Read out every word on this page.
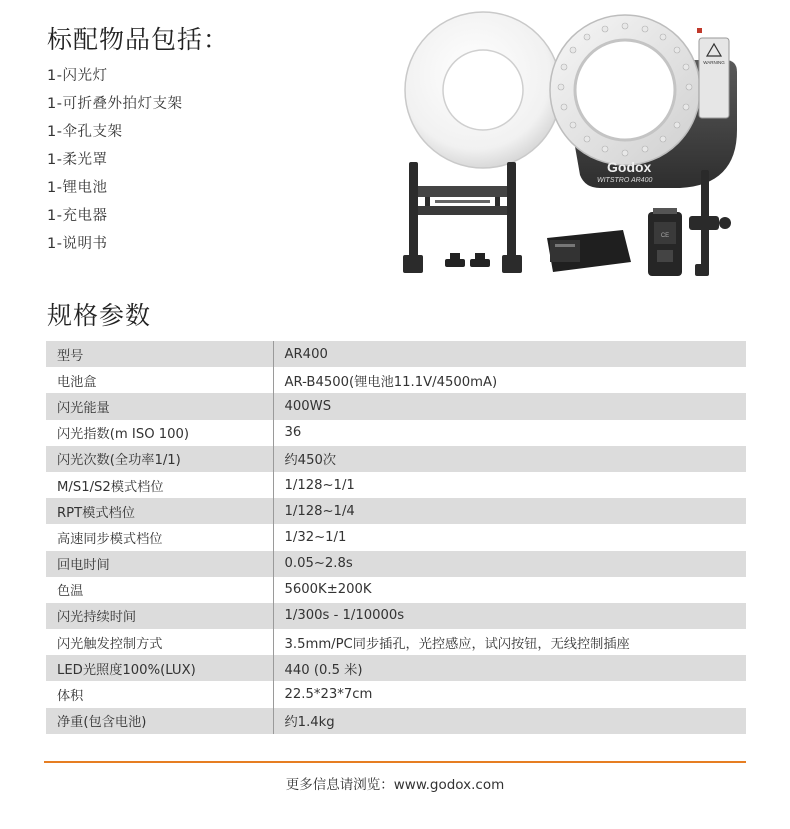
标配物品包括：
1-闪光灯
1-可折叠外拍灯支架
1-伞孔支架
1-柔光罩
1-锂电池
1-充电器
1-说明书
WARNING
Godox
WITSTRO AR400
CE
规格参数
型号	AR400
电池盒	AR-B4500(锂电池11.1V/4500mA)
闪光能量	400WS
闪光指数(m ISO 100)	36
闪光次数(全功率1/1)	约450次
M/S1/S2模式档位	1/128~1/1
RPT模式档位	1/128~1/4
高速同步模式档位	1/32~1/1
回电时间	0.05~2.8s
色温	5600K±200K
闪光持续时间	1/300s - 1/10000s
闪光触发控制方式	3.5mm/PC同步插孔，光控感应，试闪按钮，无线控制插座
LED光照度100%(LUX)	440 (0.5 米)
体积	22.5*23*7cm
净重(包含电池)	约1.4kg
更多信息请浏览：www.godox.com
